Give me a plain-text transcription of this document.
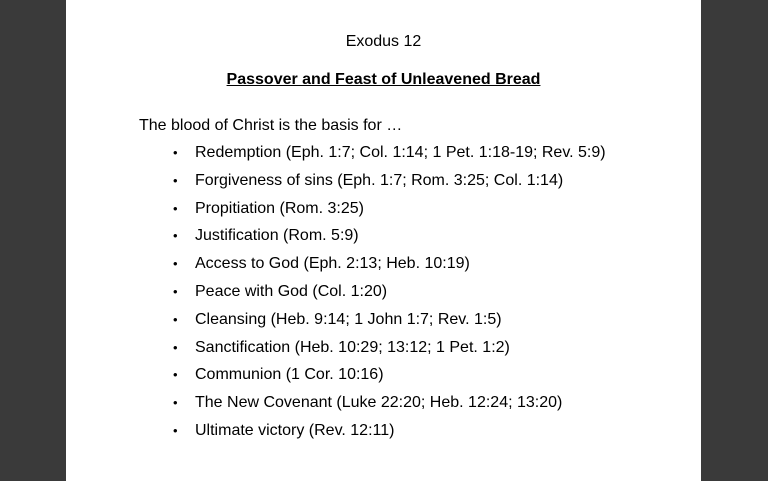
Exodus 12
Passover and Feast of Unleavened Bread
The blood of Christ is the basis for …
• Redemption (Eph. 1:7; Col. 1:14; 1 Pet. 1:18-19; Rev. 5:9)
• Forgiveness of sins (Eph. 1:7; Rom. 3:25; Col. 1:14)
• Propitiation (Rom. 3:25)
• Justification (Rom. 5:9)
• Access to God (Eph. 2:13; Heb. 10:19)
• Peace with God (Col. 1:20)
• Cleansing (Heb. 9:14; 1 John 1:7; Rev. 1:5)
• Sanctification (Heb. 10:29; 13:12; 1 Pet. 1:2)
• Communion (1 Cor. 10:16)
• The New Covenant (Luke 22:20; Heb. 12:24; 13:20)
• Ultimate victory (Rev. 12:11)
